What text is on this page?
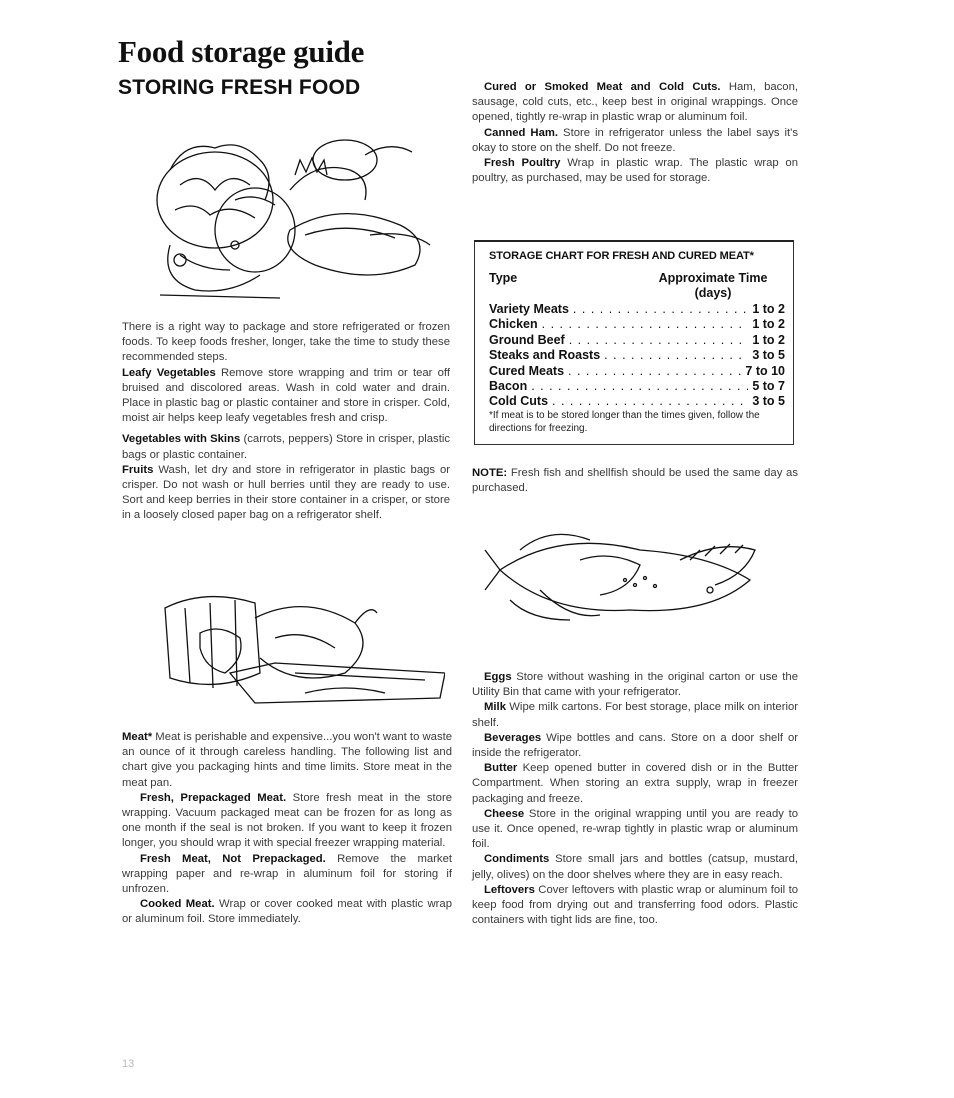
Food storage guide
STORING FRESH FOOD
There is a right way to package and store refrigerated or frozen foods. To keep foods fresher, longer, take the time to study these recommended steps.
Leafy Vegetables Remove store wrapping and trim or tear off bruised and discolored areas. Wash in cold water and drain. Place in plastic bag or plastic container and store in crisper. Cold, moist air helps keep leafy vegetables fresh and crisp.
Vegetables with Skins (carrots, peppers) Store in crisper, plastic bags or plastic container.
Fruits Wash, let dry and store in refrigerator in plastic bags or crisper. Do not wash or hull berries until they are ready to use. Sort and keep berries in their store container in a crisper, or store in a loosely closed paper bag on a refrigerator shelf.
Meat* Meat is perishable and expensive...you won't want to waste an ounce of it through careless handling. The following list and chart give you packaging hints and time limits. Store meat in the meat pan.
Fresh, Prepackaged Meat. Store fresh meat in the store wrapping. Vacuum packaged meat can be frozen for as long as one month if the seal is not broken. If you want to keep it frozen longer, you should wrap it with special freezer wrapping material.
Fresh Meat, Not Prepackaged. Remove the market wrapping paper and re-wrap in aluminum foil for storing if unfrozen.
Cooked Meat. Wrap or cover cooked meat with plastic wrap or aluminum foil. Store immediately.
Cured or Smoked Meat and Cold Cuts. Ham, bacon, sausage, cold cuts, etc., keep best in original wrappings. Once opened, tightly re-wrap in plastic wrap or aluminum foil.
Canned Ham. Store in refrigerator unless the label says it's okay to store on the shelf. Do not freeze.
Fresh Poultry Wrap in plastic wrap. The plastic wrap on poultry, as purchased, may be used for storage.
STORAGE CHART FOR FRESH AND CURED MEAT*
Type	Approximate Time (days)
Variety Meats . . .	1 to 2
Chicken . . .	1 to 2
Ground Beef . . .	1 to 2
Steaks and Roasts . . .	3 to 5
Cured Meats . . .	7 to 10
Bacon . . .	5 to 7
Cold Cuts . . .	3 to 5
*If meat is to be stored longer than the times given, follow the directions for freezing.
NOTE: Fresh fish and shellfish should be used the same day as purchased.
Eggs Store without washing in the original carton or use the Utility Bin that came with your refrigerator.
Milk Wipe milk cartons. For best storage, place milk on interior shelf.
Beverages Wipe bottles and cans. Store on a door shelf or inside the refrigerator.
Butter Keep opened butter in covered dish or in the Butter Compartment. When storing an extra supply, wrap in freezer packaging and freeze.
Cheese Store in the original wrapping until you are ready to use it. Once opened, re-wrap tightly in plastic wrap or aluminum foil.
Condiments Store small jars and bottles (catsup, mustard, jelly, olives) on the door shelves where they are in easy reach.
Leftovers Cover leftovers with plastic wrap or aluminum foil to keep food from drying out and transferring food odors. Plastic containers with tight lids are fine, too.
13
